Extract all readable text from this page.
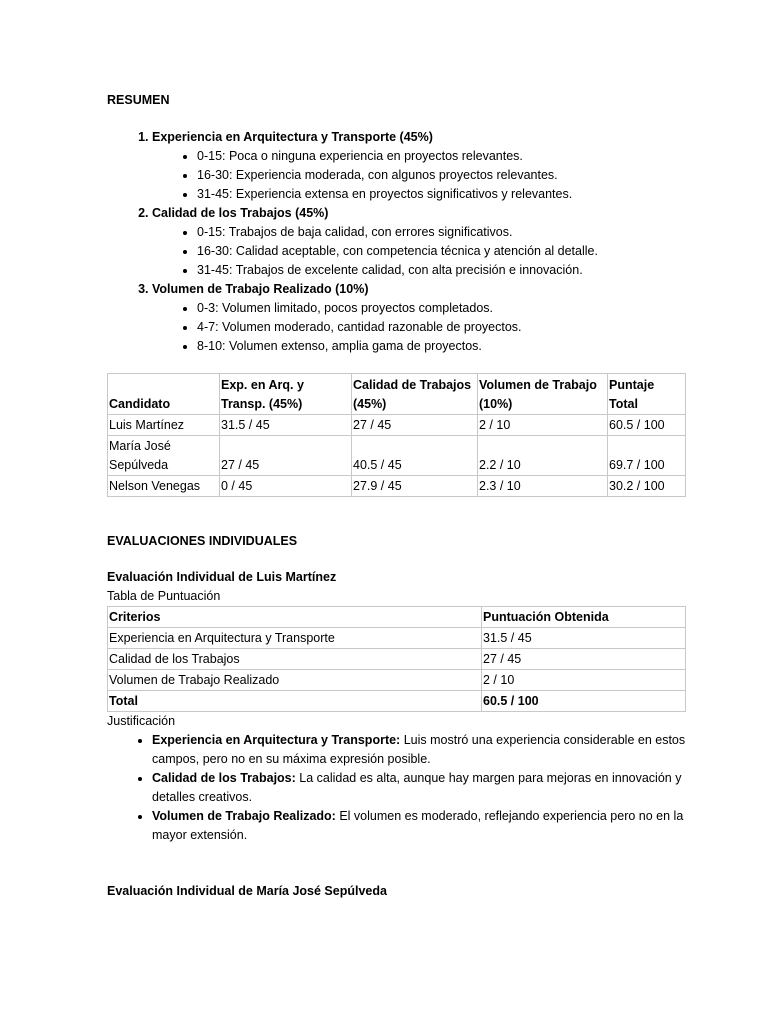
RESUMEN
1. Experiencia en Arquitectura y Transporte (45%)
• 0-15: Poca o ninguna experiencia en proyectos relevantes.
• 16-30: Experiencia moderada, con algunos proyectos relevantes.
• 31-45: Experiencia extensa en proyectos significativos y relevantes.
2. Calidad de los Trabajos (45%)
• 0-15: Trabajos de baja calidad, con errores significativos.
• 16-30: Calidad aceptable, con competencia técnica y atención al detalle.
• 31-45: Trabajos de excelente calidad, con alta precisión e innovación.
3. Volumen de Trabajo Realizado (10%)
• 0-3: Volumen limitado, pocos proyectos completados.
• 4-7: Volumen moderado, cantidad razonable de proyectos.
• 8-10: Volumen extenso, amplia gama de proyectos.
Candidato	Exp. en Arq. y Transp. (45%)	Calidad de Trabajos (45%)	Volumen de Trabajo (10%)	Puntaje Total
Luis Martínez	31.5 / 45	27 / 45	2 / 10	60.5 / 100
María José Sepúlveda	27 / 45	40.5 / 45	2.2 / 10	69.7 / 100
Nelson Venegas	0 / 45	27.9 / 45	2.3 / 10	30.2 / 100
EVALUACIONES INDIVIDUALES
Evaluación Individual de Luis Martínez
Tabla de Puntuación
Criterios	Puntuación Obtenida
Experiencia en Arquitectura y Transporte	31.5 / 45
Calidad de los Trabajos	27 / 45
Volumen de Trabajo Realizado	2 / 10
Total	60.5 / 100
Justificación
• Experiencia en Arquitectura y Transporte: Luis mostró una experiencia considerable en estos campos, pero no en su máxima expresión posible.
• Calidad de los Trabajos: La calidad es alta, aunque hay margen para mejoras en innovación y detalles creativos.
• Volumen de Trabajo Realizado: El volumen es moderado, reflejando experiencia pero no en la mayor extensión.
Evaluación Individual de María José Sepúlveda
